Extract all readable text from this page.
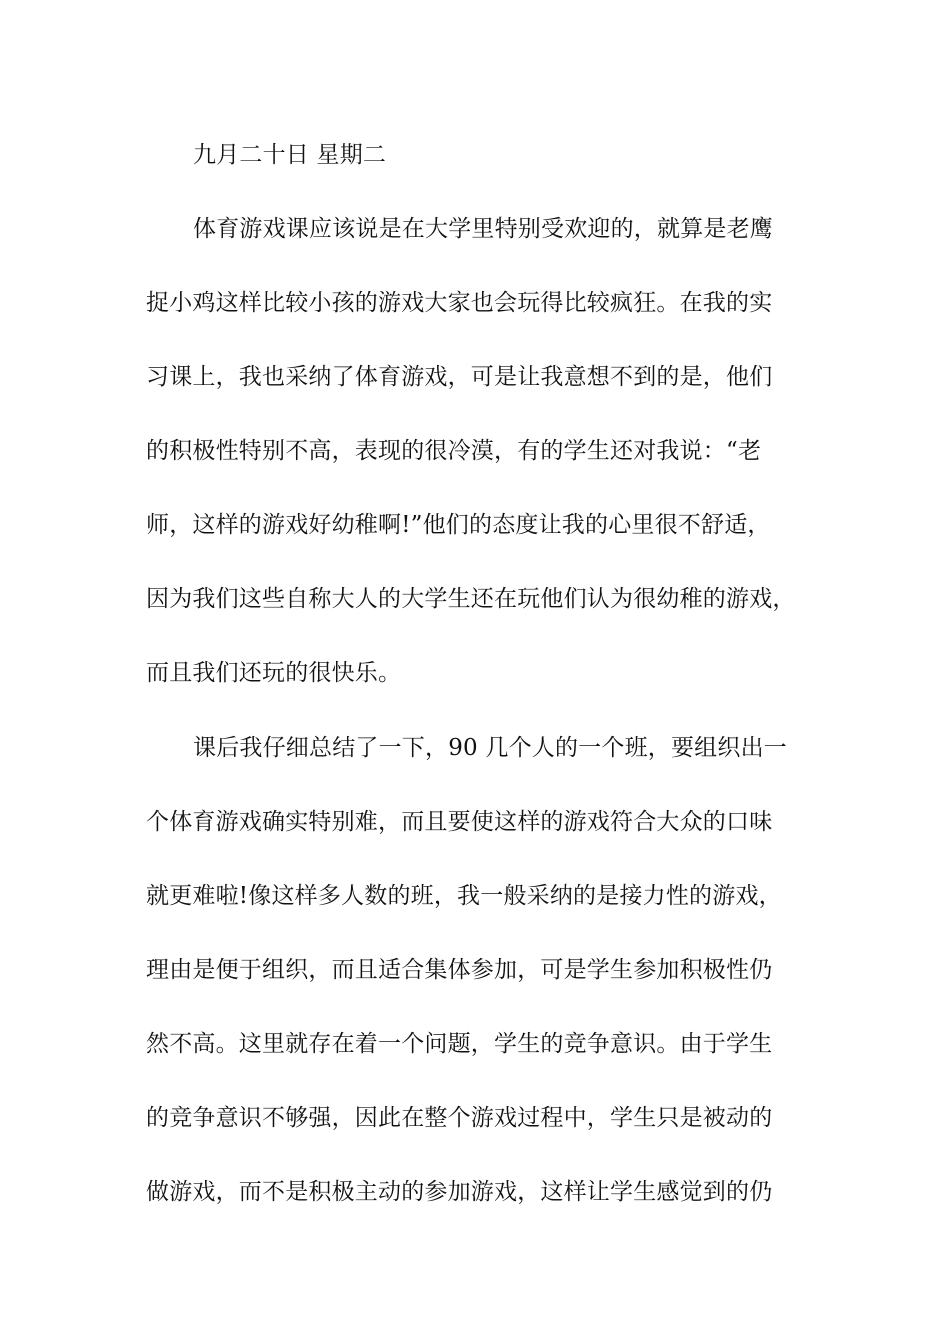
九月二十日 星期二
体育游戏课应该说是在大学里特别受欢迎的，就算是老鹰
捉小鸡这样比较小孩的游戏大家也会玩得比较疯狂。在我的实
习课上，我也采纳了体育游戏，可是让我意想不到的是，他们
的积极性特别不高，表现的很冷漠，有的学生还对我说：“老
师，这样的游戏好幼稚啊!”他们的态度让我的心里很不舒适，
因为我们这些自称大人的大学生还在玩他们认为很幼稚的游戏，
而且我们还玩的很快乐。
课后我仔细总结了一下，90 几个人的一个班，要组织出一
个体育游戏确实特别难，而且要使这样的游戏符合大众的口味
就更难啦!像这样多人数的班，我一般采纳的是接力性的游戏，
理由是便于组织，而且适合集体参加，可是学生参加积极性仍
然不高。这里就存在着一个问题，学生的竞争意识。由于学生
的竞争意识不够强，因此在整个游戏过程中，学生只是被动的
做游戏，而不是积极主动的参加游戏，这样让学生感觉到的仍
